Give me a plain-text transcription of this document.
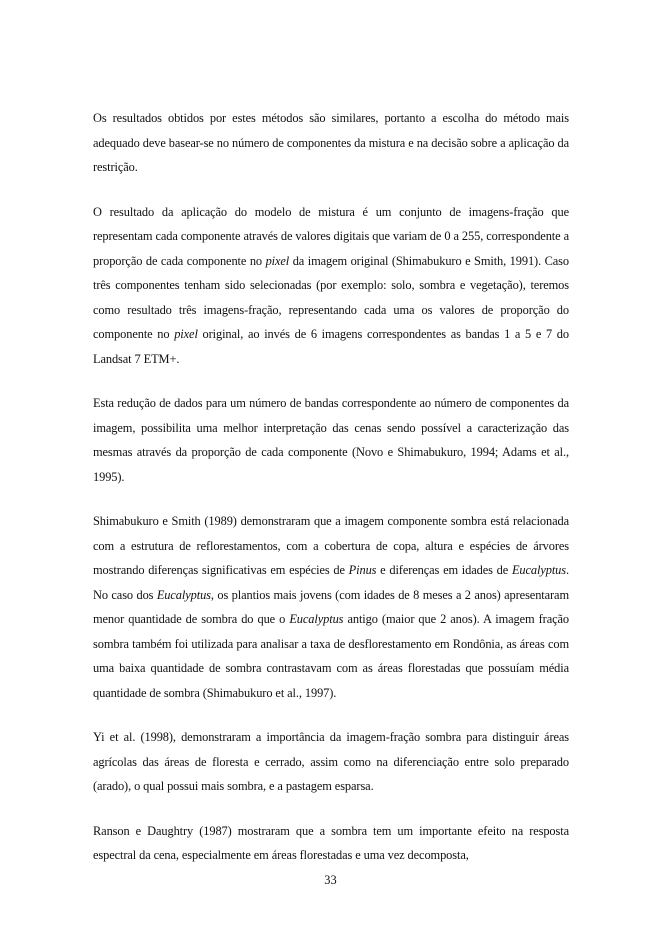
Os resultados obtidos por estes métodos são similares, portanto a escolha do método mais adequado deve basear-se no número de componentes da mistura e na decisão sobre a aplicação da restrição.

O resultado da aplicação do modelo de mistura é um conjunto de imagens-fração que representam cada componente através de valores digitais que variam de 0 a 255, correspondente a proporção de cada componente no pixel da imagem original (Shimabukuro e Smith, 1991). Caso três componentes tenham sido selecionadas (por exemplo: solo, sombra e vegetação), teremos como resultado três imagens-fração, representando cada uma os valores de proporção do componente no pixel original, ao invés de 6 imagens correspondentes as bandas 1 a 5 e 7 do Landsat 7 ETM+.

Esta redução de dados para um número de bandas correspondente ao número de componentes da imagem, possibilita uma melhor interpretação das cenas sendo possível a caracterização das mesmas através da proporção de cada componente (Novo e Shimabukuro, 1994; Adams et al., 1995).

Shimabukuro e Smith (1989) demonstraram que a imagem componente sombra está relacionada com a estrutura de reflorestamentos, com a cobertura de copa, altura e espécies de árvores mostrando diferenças significativas em espécies de Pinus e diferenças em idades de Eucalyptus. No caso dos Eucalyptus, os plantios mais jovens (com idades de 8 meses a 2 anos) apresentaram menor quantidade de sombra do que o Eucalyptus antigo (maior que 2 anos). A imagem fração sombra também foi utilizada para analisar a taxa de desflorestamento em Rondônia, as áreas com uma baixa quantidade de sombra contrastavam com as áreas florestadas que possuíam média quantidade de sombra (Shimabukuro et al., 1997).

Yi et al. (1998), demonstraram a importância da imagem-fração sombra para distinguir áreas agrícolas das áreas de floresta e cerrado, assim como na diferenciação entre solo preparado (arado), o qual possui mais sombra, e a pastagem esparsa.

Ranson e Daughtry (1987) mostraram que a sombra tem um importante efeito na resposta espectral da cena, especialmente em áreas florestadas e uma vez decomposta,

33
